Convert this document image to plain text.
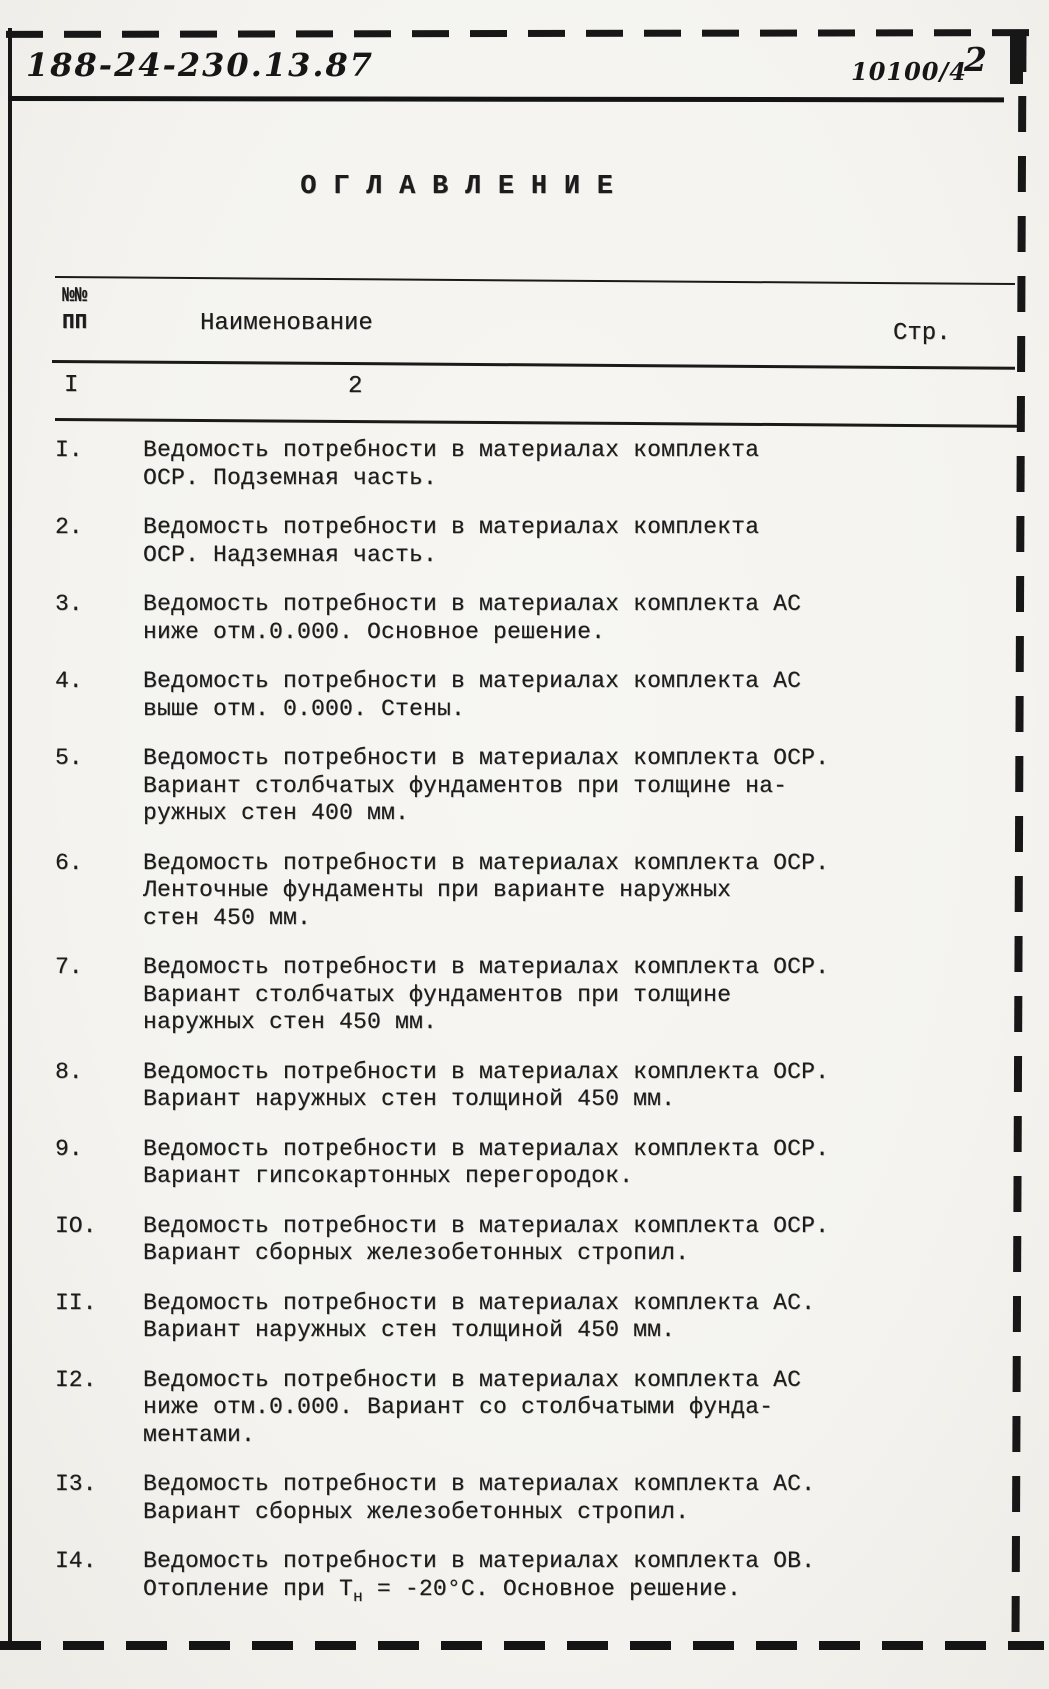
188-24-230.13.87	10100/4
2
ОГЛАВЛЕНИЕ
№№
ПП	Наименование	Стр.
I	2
I.	Ведомость потребности в материалах комплекта
ОСР. Подземная часть.
2.	Ведомость потребности в материалах комплекта
ОСР. Надземная часть.
3.	Ведомость потребности в материалах комплекта АС
ниже отм.0.000. Основное решение.
4.	Ведомость потребности в материалах комплекта АС
выше отм. 0.000. Стены.
5.	Ведомость потребности в материалах комплекта ОСР.
Вариант столбчатых фундаментов при толщине на-
ружных стен 400 мм.
6.	Ведомость потребности в материалах комплекта ОСР.
Ленточные фундаменты при варианте наружных
стен 450 мм.
7.	Ведомость потребности в материалах комплекта ОСР.
Вариант столбчатых фундаментов при толщине
наружных стен 450 мм.
8.	Ведомость потребности в материалах комплекта ОСР.
Вариант наружных стен толщиной 450 мм.
9.	Ведомость потребности в материалах комплекта ОСР.
Вариант гипсокартонных перегородок.
IO.	Ведомость потребности в материалах комплекта ОСР.
Вариант сборных железобетонных стропил.
II.	Ведомость потребности в материалах комплекта АС.
Вариант наружных стен толщиной 450 мм.
I2.	Ведомость потребности в материалах комплекта АС
ниже отм.0.000. Вариант со столбчатыми фунда-
ментами.
I3.	Ведомость потребности в материалах комплекта АС.
Вариант сборных железобетонных стропил.
I4.	Ведомость потребности в материалах комплекта ОВ.
Отопление при $Т_н = -20^\circ С$. Основное решение.
